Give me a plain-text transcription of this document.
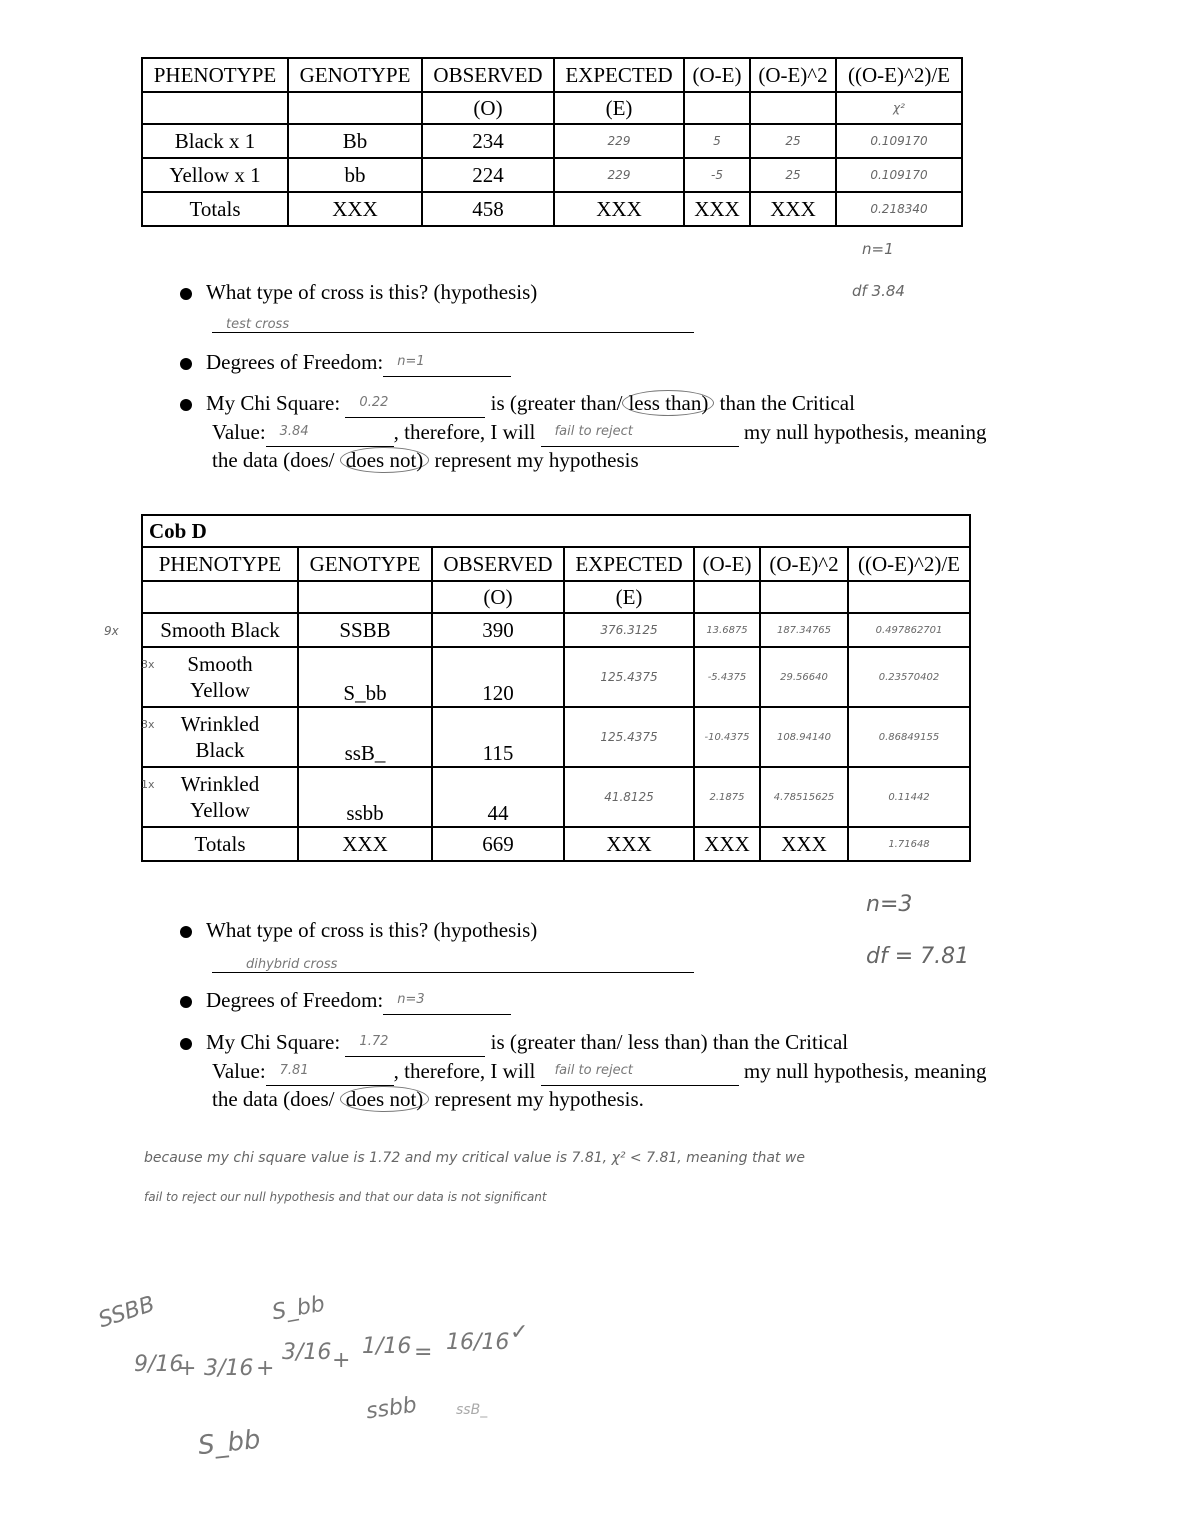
PHENOTYPE	GENOTYPE	OBSERVED	EXPECTED	(O-E)	(O-E)^2	((O-E)^2)/E
		(O)	(E)			χ²
Black x 1	Bb	234	229	5	25	0.109170
Yellow x 1	bb	224	229	-5	25	0.109170
Totals	XXX	458	XXX	XXX	XXX	0.218340
n=1
df 3.84
What type of cross is this? (hypothesis)
test cross
Degrees of Freedom: n=1
My Chi Square: 0.22	is (greater than/ less than) than the Critical
Value: 3.84	, therefore, I will fail to reject	my null hypothesis, meaning
the data (does/ does not) represent my hypothesis
Cob D						
PHENOTYPE	GENOTYPE	OBSERVED	EXPECTED	(O-E)	(O-E)^2	((O-E)^2)/E
		(O)	(E)			
Smooth Black	SSBB	390	376.3125	13.6875	187.34765	0.497862701

3x Smooth Yellow	S_bb	120	125.4375	-5.4375	29.56640	0.23570402

3x Wrinkled Black	ssB_	115	125.4375	-10.4375	108.94140	0.86849155

1x Wrinkled Yellow	ssbb	44	41.8125	2.1875	4.78515625	0.11442
Totals	XXX	669	XXX	XXX	XXX	1.71648
9x
n=3
df = 7.81
What type of cross is this? (hypothesis)
dihybrid cross
Degrees of Freedom: n=3
My Chi Square: 1.72	is (greater than/ less than) than the Critical
Value: 7.81	, therefore, I will fail to reject	my null hypothesis, meaning
the data (does/ does not) represent my hypothesis.
because my chi square value is 1.72 and my critical value is 7.81, χ² < 7.81, meaning that we
fail to reject our null hypothesis and that our data is not significant
SSBB
9/16
+ 3/16 +
S_bb
3/16 +
1/16 = 16/16 ✓
ssbb
S_bb
ssB_
